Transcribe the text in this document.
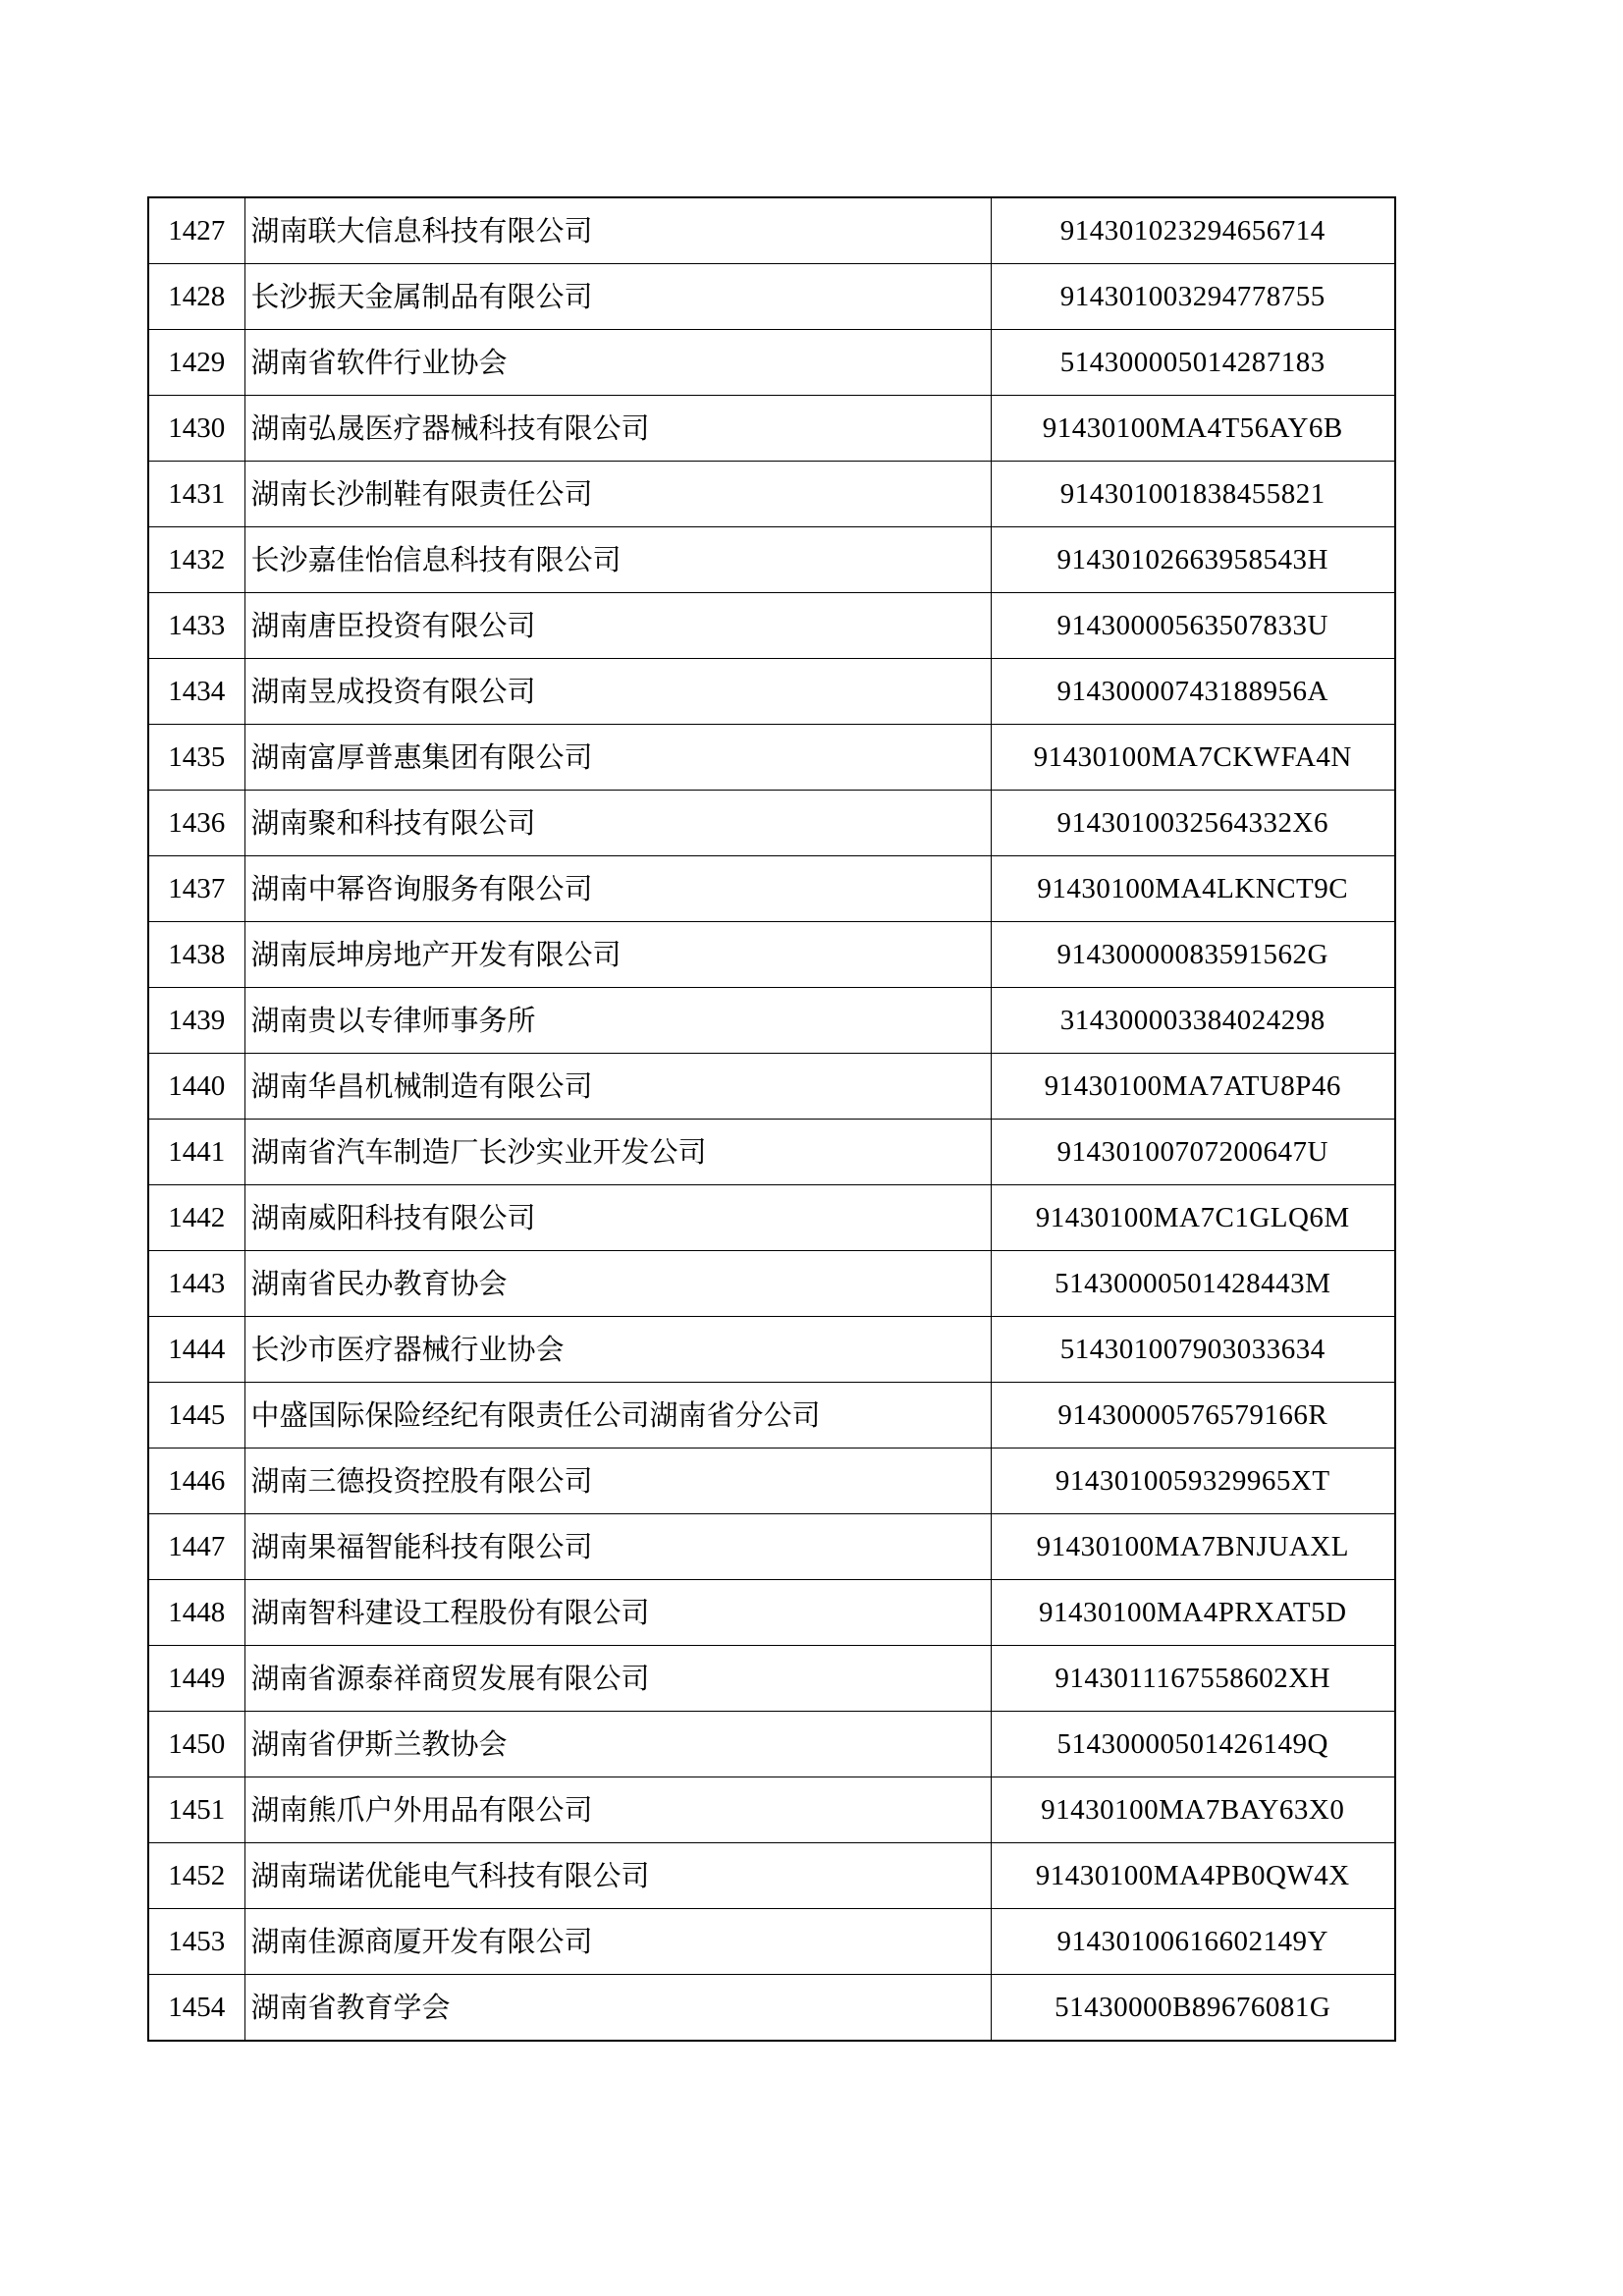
1427	湖南联大信息科技有限公司	914301023294656714
1428	长沙振天金属制品有限公司	914301003294778755
1429	湖南省软件行业协会	514300005014287183
1430	湖南弘晟医疗器械科技有限公司	91430100MA4T56AY6B
1431	湖南长沙制鞋有限责任公司	914301001838455821
1432	长沙嘉佳怡信息科技有限公司	91430102663958543H
1433	湖南唐臣投资有限公司	91430000563507833U
1434	湖南昱成投资有限公司	91430000743188956A
1435	湖南富厚普惠集团有限公司	91430100MA7CKWFA4N
1436	湖南聚和科技有限公司	9143010032564332X6
1437	湖南中幂咨询服务有限公司	91430100MA4LKNCT9C
1438	湖南辰坤房地产开发有限公司	91430000083591562G
1439	湖南贵以专律师事务所	314300003384024298
1440	湖南华昌机械制造有限公司	91430100MA7ATU8P46
1441	湖南省汽车制造厂长沙实业开发公司	91430100707200647U
1442	湖南威阳科技有限公司	91430100MA7C1GLQ6M
1443	湖南省民办教育协会	51430000501428443M
1444	长沙市医疗器械行业协会	514301007903033634
1445	中盛国际保险经纪有限责任公司湖南省分公司	91430000576579166R
1446	湖南三德投资控股有限公司	9143010059329965XT
1447	湖南果福智能科技有限公司	91430100MA7BNJUAXL
1448	湖南智科建设工程股份有限公司	91430100MA4PRXAT5D
1449	湖南省源泰祥商贸发展有限公司	9143011167558602XH
1450	湖南省伊斯兰教协会	51430000501426149Q
1451	湖南熊爪户外用品有限公司	91430100MA7BAY63X0
1452	湖南瑞诺优能电气科技有限公司	91430100MA4PB0QW4X
1453	湖南佳源商厦开发有限公司	91430100616602149Y
1454	湖南省教育学会	51430000B89676081G
